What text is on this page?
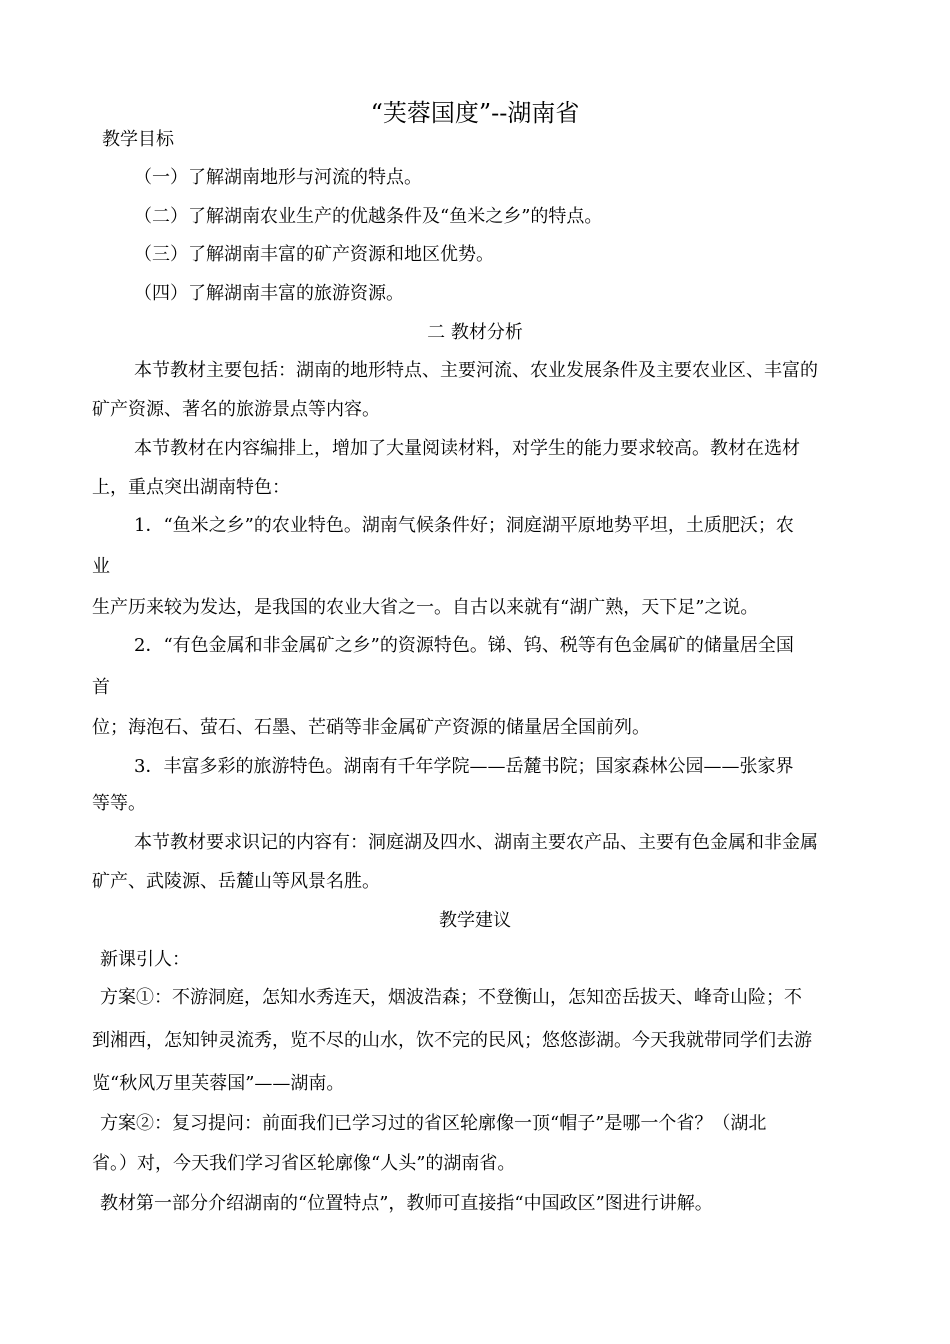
“芙蓉国度”--湖南省
教学目标
（一）了解湖南地形与河流的特点。
（二）了解湖南农业生产的优越条件及“鱼米之乡”的特点。
（三）了解湖南丰富的矿产资源和地区优势。
（四）了解湖南丰富的旅游资源。
二 教材分析
本节教材主要包括：湖南的地形特点、主要河流、农业发展条件及主要农业区、丰富的
矿产资源、著名的旅游景点等内容。
本节教材在内容编排上，增加了大量阅读材料，对学生的能力要求较高。教材在选材
上，重点突出湖南特色：
1．“鱼米之乡”的农业特色。湖南气候条件好；洞庭湖平原地势平坦，土质肥沃；农
业
生产历来较为发达，是我国的农业大省之一。自古以来就有“湖广熟，天下足”之说。
2．“有色金属和非金属矿之乡”的资源特色。锑、钨、税等有色金属矿的储量居全国
首
位；海泡石、萤石、石墨、芒硝等非金属矿产资源的储量居全国前列。
3．丰富多彩的旅游特色。湖南有千年学院——岳麓书院；国家森林公园——张家界
等等。
本节教材要求识记的内容有：洞庭湖及四水、湖南主要农产品、主要有色金属和非金属
矿产、武陵源、岳麓山等风景名胜。
教学建议
新课引人：
方案①：不游洞庭，怎知水秀连天，烟波浩森；不登衡山，怎知峦岳拔天、峰奇山险；不
到湘西，怎知钟灵流秀，览不尽的山水，饮不完的民风；悠悠澎湖。今天我就带同学们去游
览“秋风万里芙蓉国”——湖南。
方案②：复习提问：前面我们已学习过的省区轮廓像一顶“帽子”是哪一个省？（湖北
省。）对，今天我们学习省区轮廓像“人头”的湖南省。
教材第一部分介绍湖南的“位置特点”，教师可直接指“中国政区”图进行讲解。
